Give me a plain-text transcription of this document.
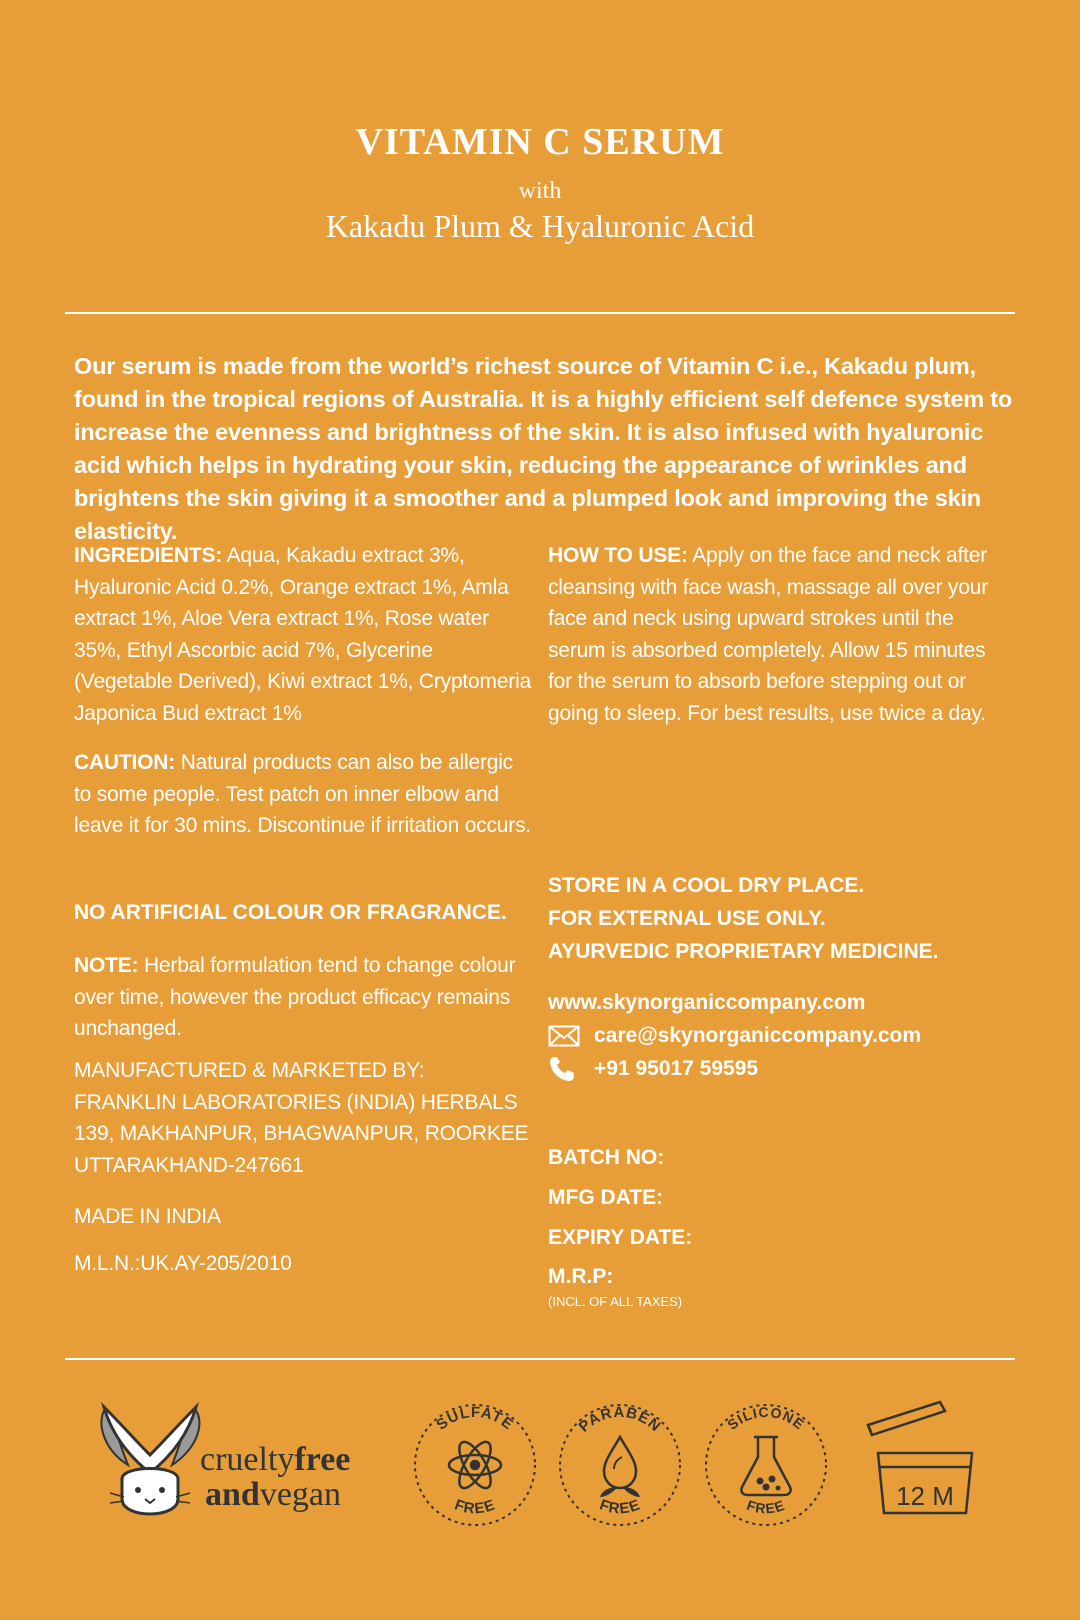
VITAMIN C SERUM
with
Kakadu Plum & Hyaluronic Acid
Our serum is made from the world’s richest source of Vitamin C i.e., Kakadu plum, found in the tropical regions of Australia. It is a highly efficient self defence system to increase the evenness and brightness of the skin. It is also infused with hyaluronic acid which helps in hydrating your skin, reducing the appearance of wrinkles and brightens the skin giving it a smoother and a plumped look and improving the skin elasticity.
INGREDIENTS: Aqua, Kakadu extract 3%, Hyaluronic Acid 0.2%, Orange extract 1%, Amla extract 1%, Aloe Vera extract 1%, Rose water 35%, Ethyl Ascorbic acid 7%, Glycerine (Vegetable Derived), Kiwi extract 1%, Cryptomeria Japonica Bud extract 1%
CAUTION: Natural products can also be allergic to some people. Test patch on inner elbow and leave it for 30 mins. Discontinue if irritation occurs.
NO ARTIFICIAL COLOUR OR FRAGRANCE.
NOTE: Herbal formulation tend to change colour over time, however the product efficacy remains unchanged.
MANUFACTURED & MARKETED BY:
FRANKLIN LABORATORIES (INDIA) HERBALS
139, MAKHANPUR, BHAGWANPUR, ROORKEE
UTTARAKHAND-247661
MADE IN INDIA
M.L.N.:UK.AY-205/2010
HOW TO USE: Apply on the face and neck after cleansing with face wash, massage all over your face and neck using upward strokes until the serum is absorbed completely. Allow 15 minutes for the serum to absorb before stepping out or going to sleep. For best results, use twice a day.
STORE IN A COOL DRY PLACE.
FOR EXTERNAL USE ONLY.
AYURVEDIC PROPRIETARY MEDICINE.
www.skynorganiccompany.com
care@skynorganiccompany.com
+91 95017 59595
BATCH NO:
MFG DATE:
EXPIRY DATE:
M.R.P:
(INCL. OF ALL TAXES)
crueltyfree
andvegan
SULFATE
FREE
PARABEN
FREE
SILICONE
FREE	12 M
